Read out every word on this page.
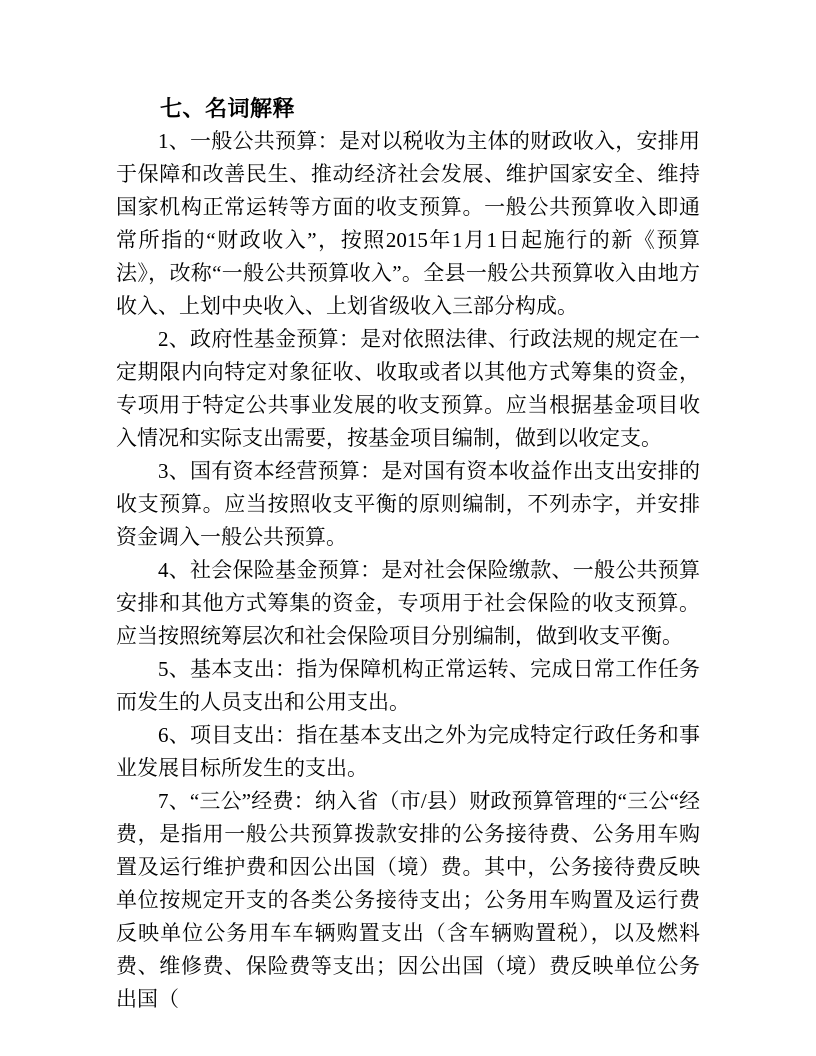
七、名词解释

1、一般公共预算：是对以税收为主体的财政收入，安排用于保障和改善民生、推动经济社会发展、维护国家安全、维持国家机构正常运转等方面的收支预算。一般公共预算收入即通常所指的“财政收入”，按照2015年1月1日起施行的新《预算法》，改称“一般公共预算收入”。全县一般公共预算收入由地方收入、上划中央收入、上划省级收入三部分构成。

2、政府性基金预算：是对依照法律、行政法规的规定在一定期限内向特定对象征收、收取或者以其他方式筹集的资金，专项用于特定公共事业发展的收支预算。应当根据基金项目收入情况和实际支出需要，按基金项目编制，做到以收定支。

3、国有资本经营预算：是对国有资本收益作出支出安排的收支预算。应当按照收支平衡的原则编制，不列赤字，并安排资金调入一般公共预算。

4、社会保险基金预算：是对社会保险缴款、一般公共预算安排和其他方式筹集的资金，专项用于社会保险的收支预算。应当按照统筹层次和社会保险项目分别编制，做到收支平衡。

5、基本支出：指为保障机构正常运转、完成日常工作任务而发生的人员支出和公用支出。

6、项目支出：指在基本支出之外为完成特定行政任务和事业发展目标所发生的支出。

7、“三公”经费：纳入省（市/县）财政预算管理的“三公“经费，是指用一般公共预算拨款安排的公务接待费、公务用车购置及运行维护费和因公出国（境）费。其中，公务接待费反映单位按规定开支的各类公务接待支出；公务用车购置及运行费反映单位公务用车车辆购置支出（含车辆购置税），以及燃料费、维修费、保险费等支出；因公出国（境）费反映单位公务出国（
